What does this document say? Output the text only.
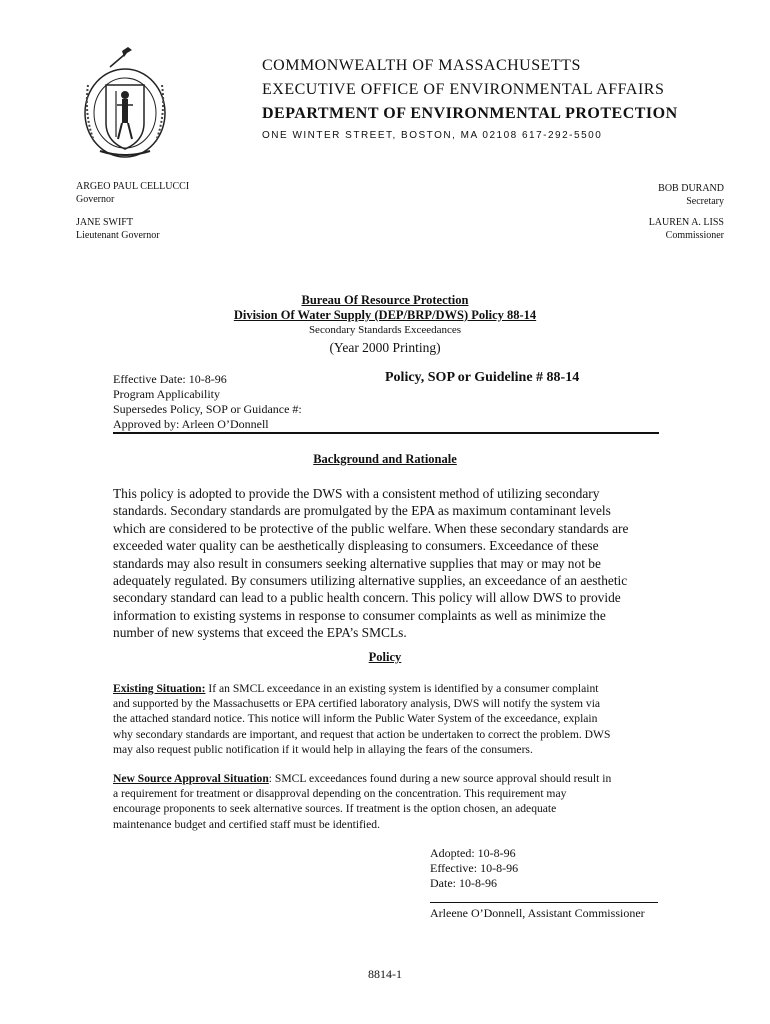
COMMONWEALTH OF MASSACHUSETTS
EXECUTIVE OFFICE OF ENVIRONMENTAL AFFAIRS
DEPARTMENT OF ENVIRONMENTAL PROTECTION
ONE WINTER STREET, BOSTON, MA 02108 617-292-5500
ARGEO PAUL CELLUCCI
Governor
JANE SWIFT
Lieutenant Governor
BOB DURAND
Secretary
LAUREN A. LISS
Commissioner
Bureau Of Resource Protection
Division Of Water Supply (DEP/BRP/DWS) Policy 88-14
Secondary Standards Exceedances
(Year 2000 Printing)
Effective Date: 10-8-96
Program Applicability
Supersedes Policy, SOP or Guidance #:
Approved by: Arleen O’Donnell
Policy, SOP or Guideline # 88-14
Background and Rationale
This policy is adopted to provide the DWS with a consistent method of utilizing secondary
standards. Secondary standards are promulgated by the EPA as maximum contaminant levels
which are considered to be protective of the public welfare. When these secondary standards are
exceeded water quality can be aesthetically displeasing to consumers. Exceedance of these
standards may also result in consumers seeking alternative supplies that may or may not be
adequately regulated. By consumers utilizing alternative supplies, an exceedance of an aesthetic
secondary standard can lead to a public health concern. This policy will allow DWS to provide
information to existing systems in response to consumer complaints as well as minimize the
number of new systems that exceed the EPA’s SMCLs.
Policy
Existing Situation: If an SMCL exceedance in an existing system is identified by a consumer complaint
and supported by the Massachusetts or EPA certified laboratory analysis, DWS will notify the system via
the attached standard notice. This notice will inform the Public Water System of the exceedance, explain
why secondary standards are important, and request that action be undertaken to correct the problem. DWS
may also request public notification if it would help in allaying the fears of the consumers.
New Source Approval Situation: SMCL exceedances found during a new source approval should result in
a requirement for treatment or disapproval depending on the concentration. This requirement may
encourage proponents to seek alternative sources. If treatment is the option chosen, an adequate
maintenance budget and certified staff must be identified.
Adopted: 10-8-96
Effective: 10-8-96
Date: 10-8-96
Arleene O’Donnell, Assistant Commissioner
8814-1
